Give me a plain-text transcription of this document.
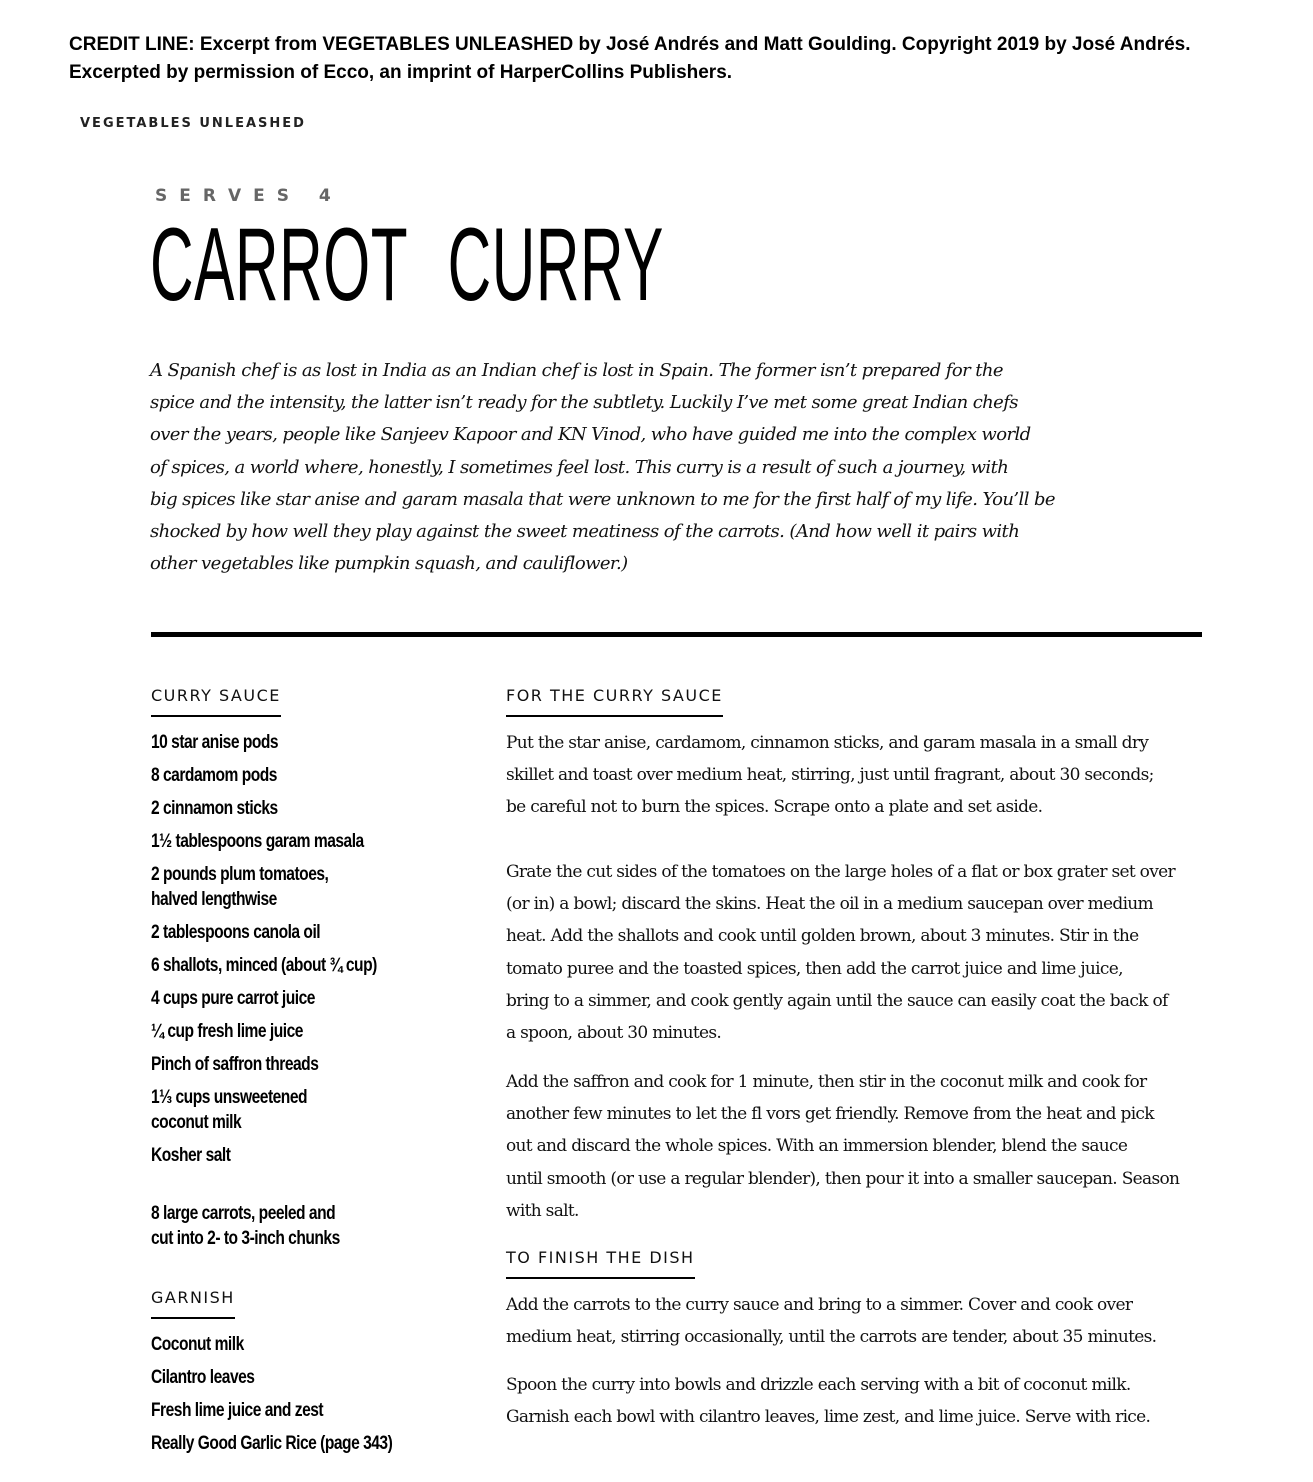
CREDIT LINE: Excerpt from VEGETABLES UNLEASHED by José Andrés and Matt Goulding. Copyright 2019 by José Andrés.
Excerpted by permission of Ecco, an imprint of HarperCollins Publishers.
VEGETABLES UNLEASHED
SERVES 4
CARROT CURRY
A Spanish chef is as lost in India as an Indian chef is lost in Spain. The former isn’t prepared for the
spice and the intensity, the latter isn’t ready for the subtlety. Luckily I’ve met some great Indian chefs
over the years, people like Sanjeev Kapoor and KN Vinod, who have guided me into the complex world
of spices, a world where, honestly, I sometimes feel lost. This curry is a result of such a journey, with
big spices like star anise and garam masala that were unknown to me for the first half of my life. You’ll be
shocked by how well they play against the sweet meatiness of the carrots. (And how well it pairs with
other vegetables like pumpkin squash, and cauliflower.)
CURRY SAUCE
10 star anise pods
8 cardamom pods
2 cinnamon sticks
1½ tablespoons garam masala
2 pounds plum tomatoes,
halved lengthwise
2 tablespoons canola oil
6 shallots, minced (about ¾ cup)
4 cups pure carrot juice
¼ cup fresh lime juice
Pinch of saffron threads
1⅓ cups unsweetened
coconut milk
Kosher salt
8 large carrots, peeled and
cut into 2- to 3-inch chunks
GARNISH
Coconut milk
Cilantro leaves
Fresh lime juice and zest
Really Good Garlic Rice (page 343)
FOR THE CURRY SAUCE
Put the star anise, cardamom, cinnamon sticks, and garam masala in a small dry
skillet and toast over medium heat, stirring, just until fragrant, about 30 seconds;
be careful not to burn the spices. Scrape onto a plate and set aside.
Grate the cut sides of the tomatoes on the large holes of a flat or box grater set over
(or in) a bowl; discard the skins. Heat the oil in a medium saucepan over medium
heat. Add the shallots and cook until golden brown, about 3 minutes. Stir in the
tomato puree and the toasted spices, then add the carrot juice and lime juice,
bring to a simmer, and cook gently again until the sauce can easily coat the back of
a spoon, about 30 minutes.
Add the saffron and cook for 1 minute, then stir in the coconut milk and cook for
another few minutes to let the fl vors get friendly. Remove from the heat and pick
out and discard the whole spices. With an immersion blender, blend the sauce
until smooth (or use a regular blender), then pour it into a smaller saucepan. Season
with salt.
TO FINISH THE DISH
Add the carrots to the curry sauce and bring to a simmer. Cover and cook over
medium heat, stirring occasionally, until the carrots are tender, about 35 minutes.
Spoon the curry into bowls and drizzle each serving with a bit of coconut milk.
Garnish each bowl with cilantro leaves, lime zest, and lime juice. Serve with rice.
